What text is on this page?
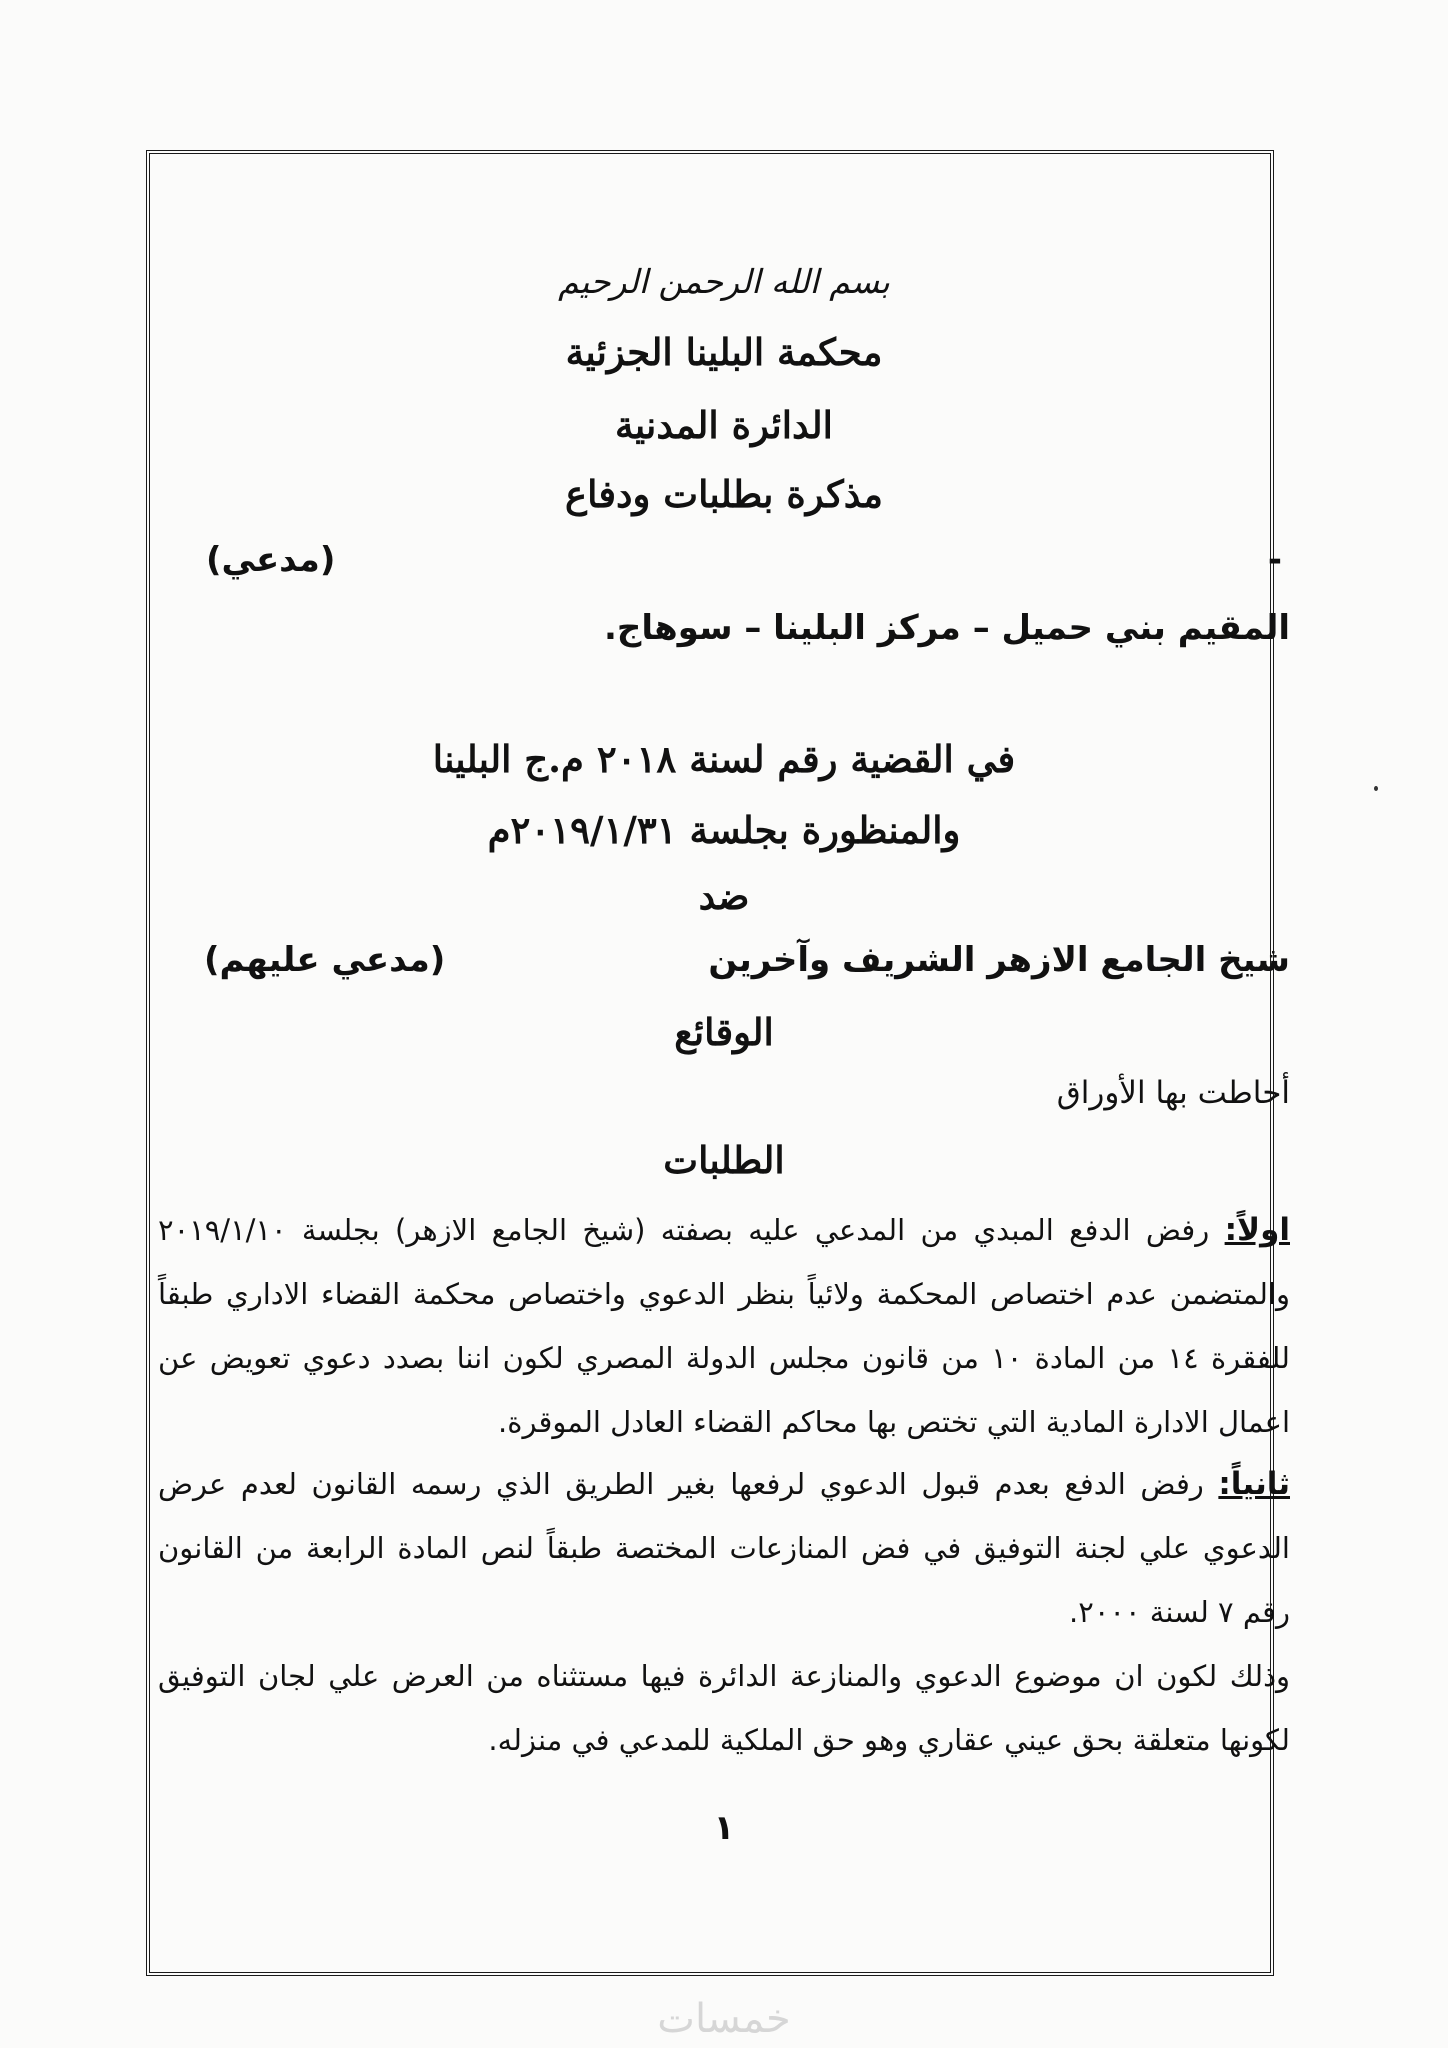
بسم الله الرحمن الرحيم
محكمة البلينا الجزئية
الدائرة المدنية
مذكرة بطلبات ودفاع
-
(مدعي)
المقيم بني حميل – مركز البلينا – سوهاج.
في القضية رقم لسنة ٢٠١٨ م.ج البلينا
والمنظورة بجلسة ٢٠١٩/١/٣١م
ضد
شيخ الجامع الازهر الشريف وآخرين
(مدعي عليهم)
الوقائع
أحاطت بها الأوراق
الطلبات
اولاً: رفض الدفع المبدي من المدعي عليه بصفته (شيخ الجامع الازهر) بجلسة ٢٠١٩/١/١٠ والمتضمن عدم اختصاص المحكمة ولائياً بنظر الدعوي واختصاص محكمة القضاء الاداري طبقاً للفقرة ١٤ من المادة ١٠ من قانون مجلس الدولة المصري لكون اننا بصدد دعوي تعويض عن اعمال الادارة المادية التي تختص بها محاكم القضاء العادل الموقرة.
ثانياً: رفض الدفع بعدم قبول الدعوي لرفعها بغير الطريق الذي رسمه القانون لعدم عرض الدعوي علي لجنة التوفيق في فض المنازعات المختصة طبقاً لنص المادة الرابعة من القانون رقم ٧ لسنة ٢٠٠٠.
وذلك لكون ان موضوع الدعوي والمنازعة الدائرة فيها مستثناه من العرض علي لجان التوفيق لكونها متعلقة بحق عيني عقاري وهو حق الملكية للمدعي في منزله.
١
خمسات
